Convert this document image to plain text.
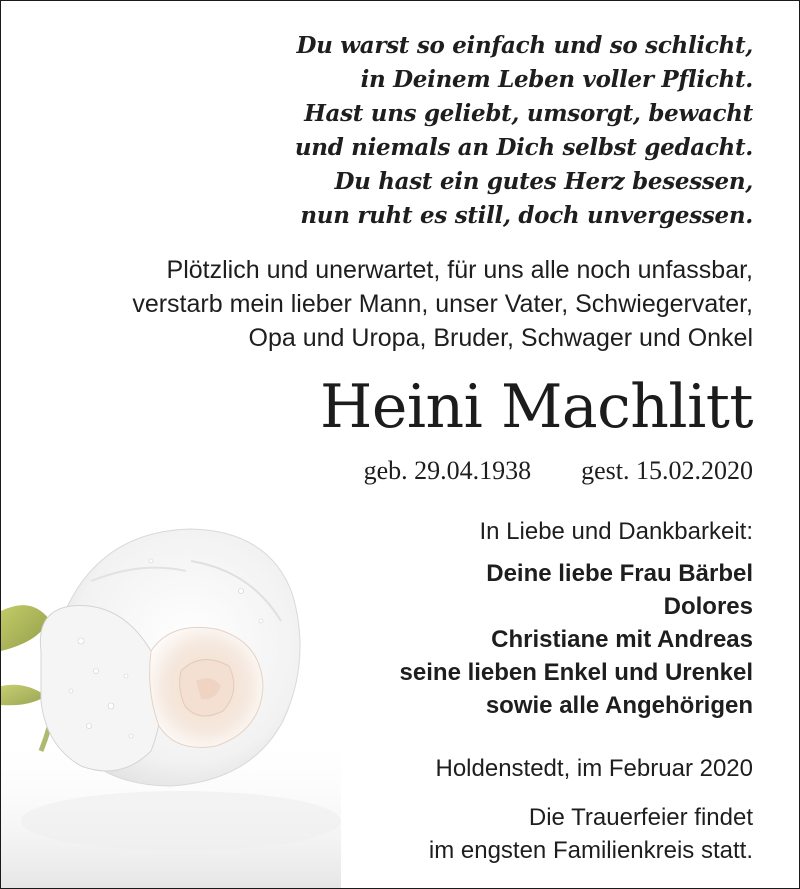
Du warst so einfach und so schlicht,
in Deinem Leben voller Pflicht.
Hast uns geliebt, umsorgt, bewacht
und niemals an Dich selbst gedacht.
Du hast ein gutes Herz besessen,
nun ruht es still, doch unvergessen.
Plötzlich und unerwartet, für uns alle noch unfassbar,
verstarb mein lieber Mann, unser Vater, Schwiegervater,
Opa und Uropa, Bruder, Schwager und Onkel
Heini Machlitt
geb. 29.04.1938 gest. 15.02.2020
In Liebe und Dankbarkeit:
Deine liebe Frau Bärbel
Dolores
Christiane mit Andreas
seine lieben Enkel und Urenkel
sowie alle Angehörigen
Holdenstedt, im Februar 2020
Die Trauerfeier findet
im engsten Familienkreis statt.
